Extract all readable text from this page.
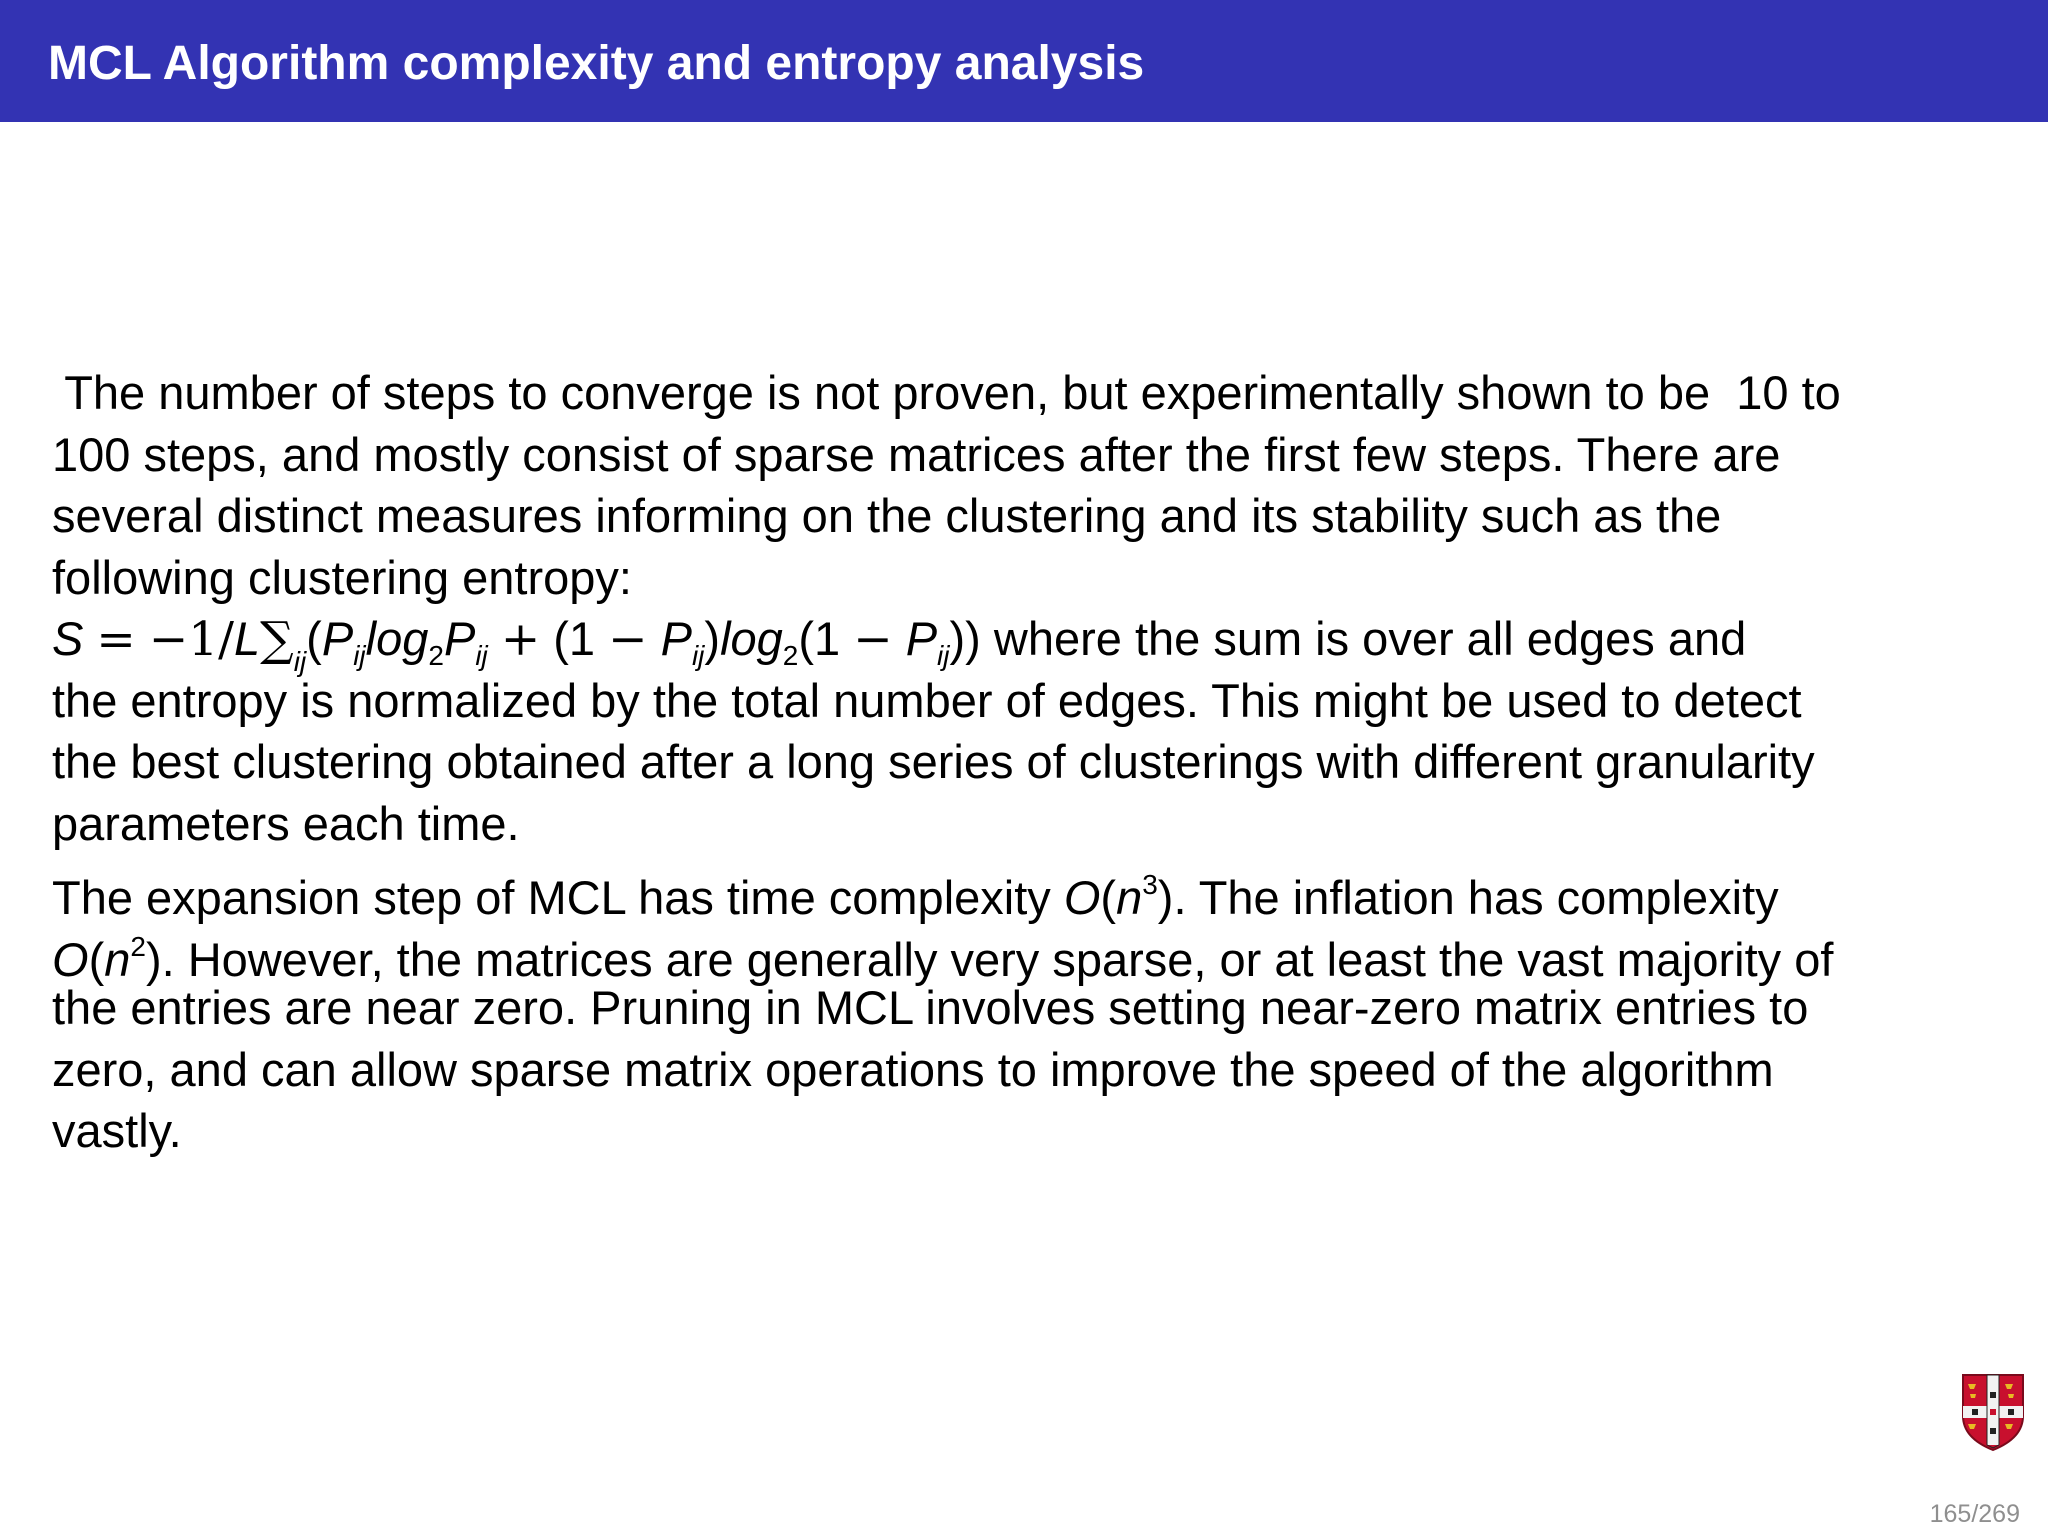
MCL Algorithm complexity and entropy analysis
The number of steps to converge is not proven, but experimentally shown to be  10 to
100 steps, and mostly consist of sparse matrices after the first few steps. There are
several distinct measures informing on the clustering and its stability such as the
following clustering entropy:
$S = -1/L\sum_{ij}(P_{ij}\log_2P_{ij} + (1 - P_{ij})\log_2(1 - P_{ij}))$ where the sum is over all edges and
the entropy is normalized by the total number of edges. This might be used to detect
the best clustering obtained after a long series of clusterings with different granularity
parameters each time.
The expansion step of MCL has time complexity $O(n^3)$. The inflation has complexity
$O(n^2)$. However, the matrices are generally very sparse, or at least the vast majority of
the entries are near zero. Pruning in MCL involves setting near-zero matrix entries to
zero, and can allow sparse matrix operations to improve the speed of the algorithm
vastly.
165/269
